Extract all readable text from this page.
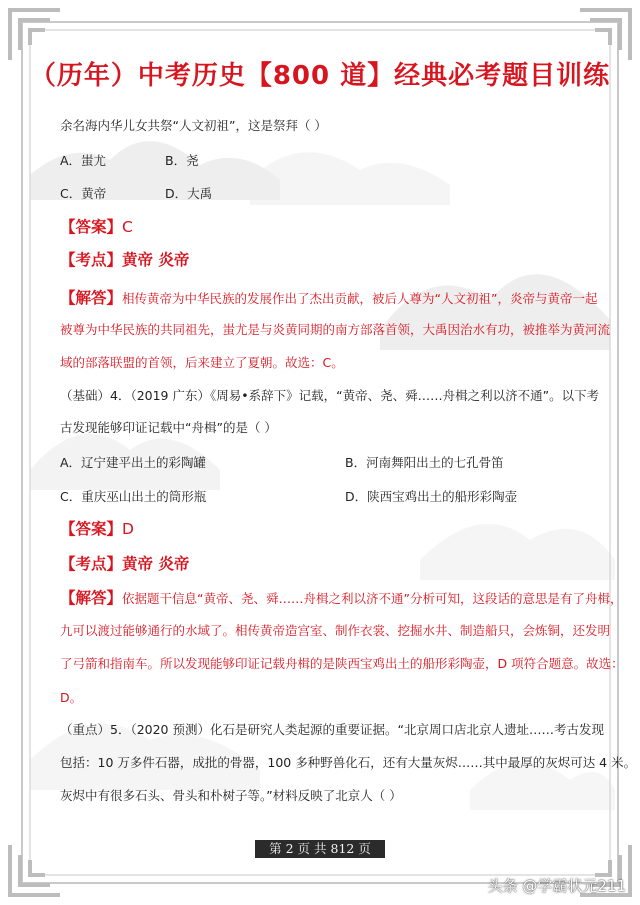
（历年）中考历史【800 道】经典必考题目训练
余名海内华儿女共祭“人文初祖”，这是祭拜（ ）
A．蚩尤	B．尧
C．黄帝	D．大禹
【答案】C
【考点】黄帝 炎帝
【解答】相传黄帝为中华民族的发展作出了杰出贡献，被后人尊为“人文初祖”，炎帝与黄帝一起
被尊为中华民族的共同祖先，蚩尤是与炎黄同期的南方部落首领，大禹因治水有功，被推举为黄河流
域的部落联盟的首领，后来建立了夏朝。故选：C。
（基础）4．（2019 广东）《周易•系辞下》记载，“黄帝、尧、舜……舟楫之利以济不通”。以下考
古发现能够印证记载中“舟楫”的是（ ）
A．辽宁建平出土的彩陶罐	B．河南舞阳出土的七孔骨笛
C．重庆巫山出土的筒形瓶	D．陕西宝鸡出土的船形彩陶壶
【答案】D
【考点】黄帝 炎帝
【解答】依据题干信息“黄帝、尧、舜……舟楫之利以济不通”分析可知，这段话的意思是有了舟楫，
九可以渡过能够通行的水域了。相传黄帝造宫室、制作衣裳、挖掘水井、制造船只，会炼铜，还发明
了弓箭和指南车。所以发现能够印证记载舟楫的是陕西宝鸡出土的船形彩陶壶，D 项符合题意。故选：
D。
（重点）5．（2020 预测）化石是研究人类起源的重要证据。“北京周口店北京人遗址……考古发现
包括：10 万多件石器，成批的骨器，100 多种野兽化石，还有大量灰烬……其中最厚的灰烬可达 4 米。
灰烬中有很多石头、骨头和朴树子等。”材料反映了北京人（ ）
第 2 页 共 812 页
头条 @学霸状元211
